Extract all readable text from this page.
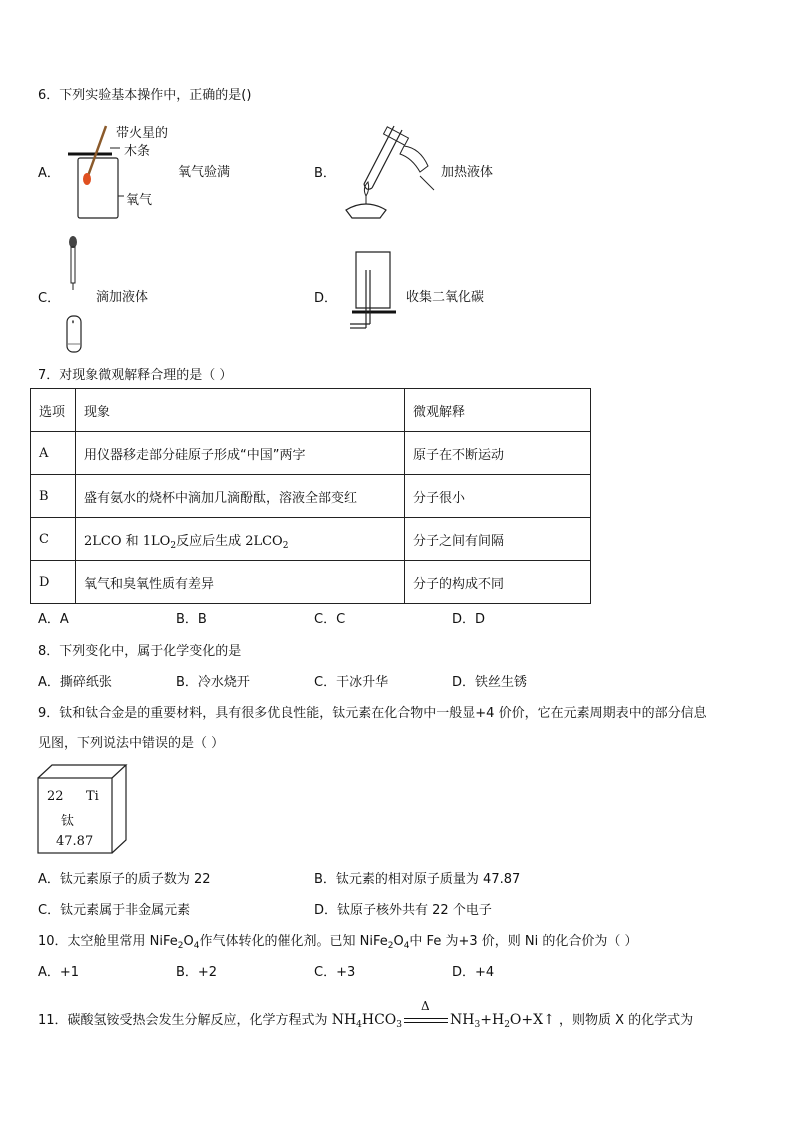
6．下列实验基本操作中，正确的是()
A．
带火星的
木条
氧气
氧气验满	B．	加热液体
C．	滴加液体	D．	收集二氧化碳
7．对现象微观解释合理的是（ ）
选项	现象	微观解释
A	用仪器移走部分硅原子形成“中国”两字	原子在不断运动
B	盛有氨水的烧杯中滴加几滴酚酞，溶液全部变红	分子很小
C	2LCO 和 $1LO_2$反应后生成 $2LCO_2$	分子之间有间隔
D	氧气和臭氧性质有差异	分子的构成不同
A．A	B．B	C．C	D．D
8．下列变化中，属于化学变化的是
A．撕碎纸张	B．冷水烧开	C．干冰升华	D．铁丝生锈
9．钛和钛合金是的重要材料，具有很多优良性能，钛元素在化合物中一般显+4 价价，它在元素周期表中的部分信息
见图，下列说法中错误的是（ ）
22 Ti
钛
47.87
A．钛元素原子的质子数为 22	B．钛元素的相对原子质量为 47.87
C．钛元素属于非金属元素	D．钛原子核外共有 22 个电子
10．太空舱里常用 $NiFe_2O_4$作气体转化的催化剂。已知 $NiFe_2O_4$中 Fe 为+3 价，则 Ni 的化合价为（ ）
A．+1	B．+2	C．+3	D．+4
11．碳酸氢铵受热会发生分解反应，化学方程式为 $NH_4HCO_3$
Δ
$NH_3+H_2O+X↑$ ，则物质 X 的化学式为
